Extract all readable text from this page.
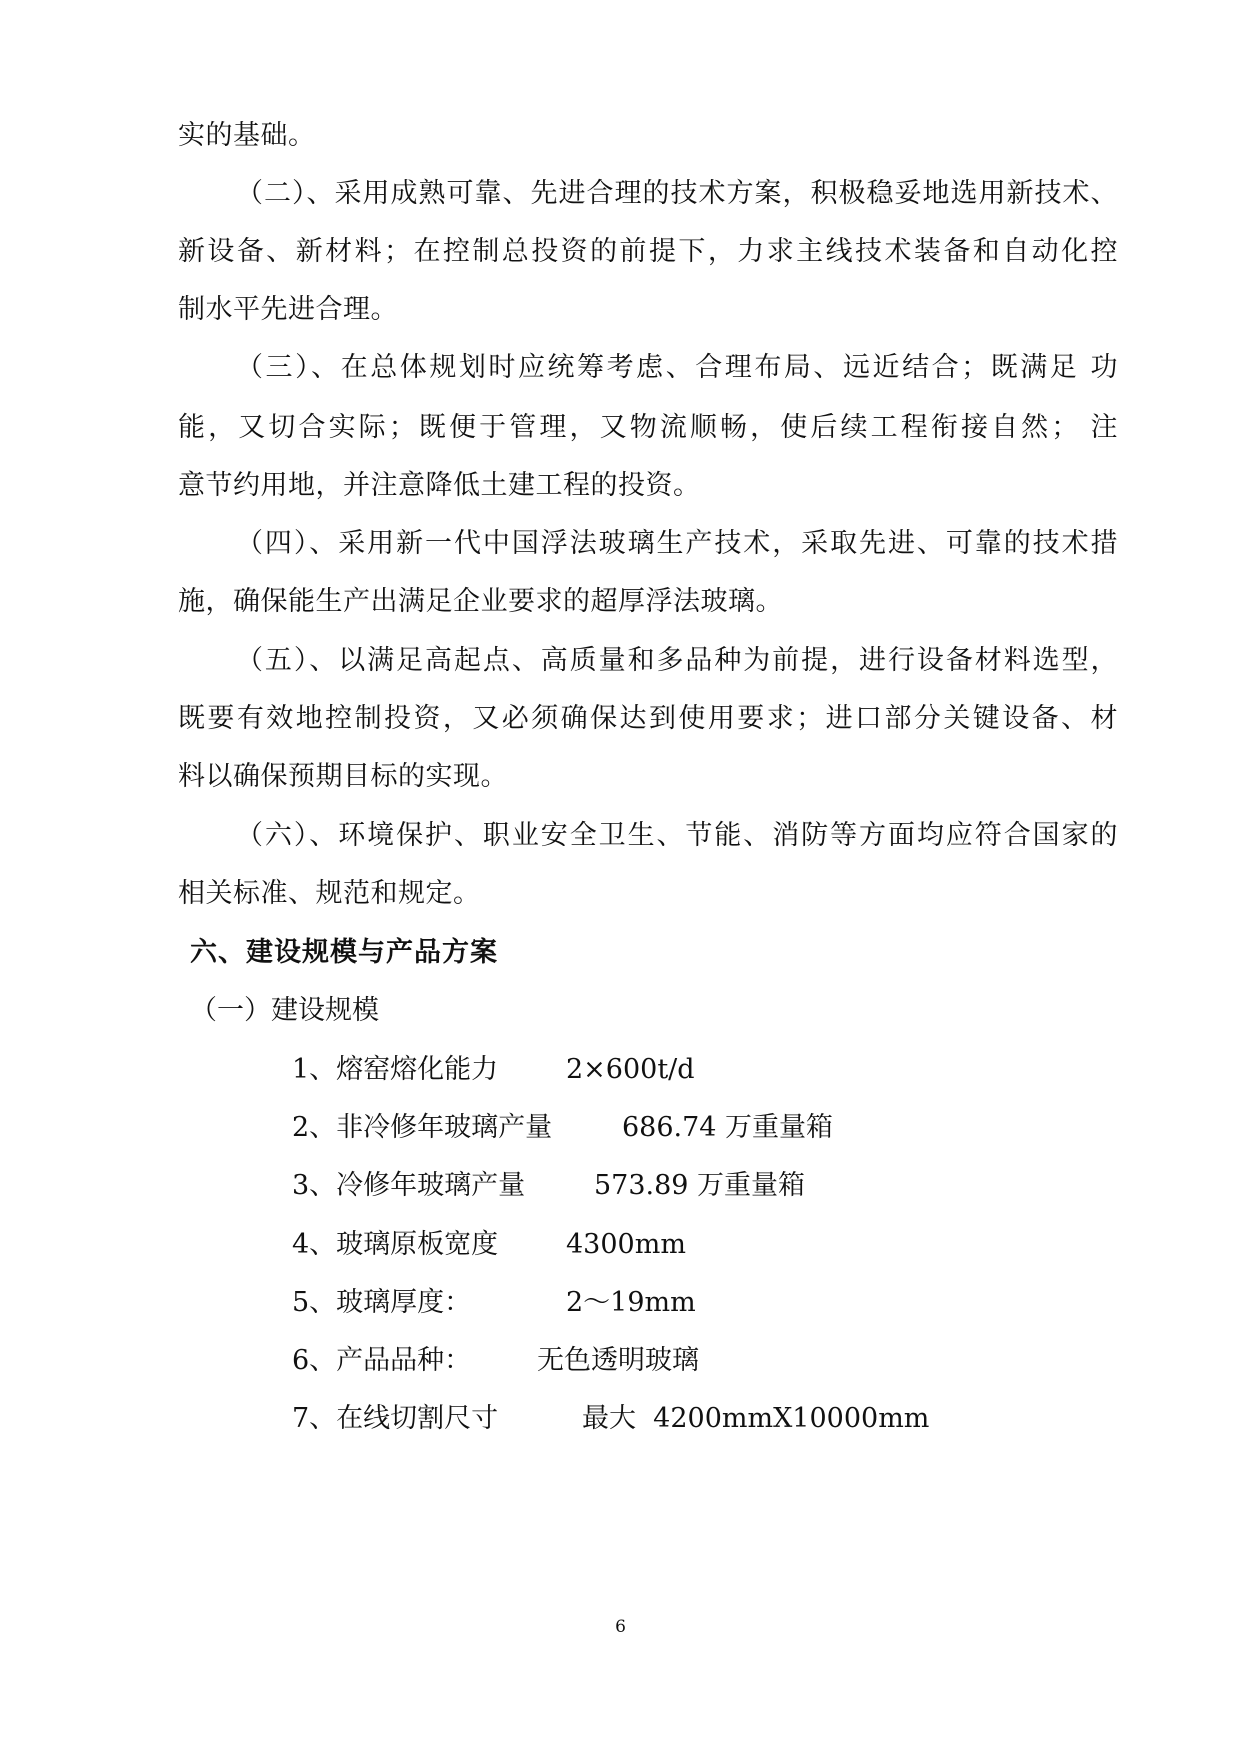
实的基础。
（二）、采用成熟可靠、先进合理的技术方案，积极稳妥地选用新技术、
新设备、新材料；在控制总投资的前提下，力求主线技术装备和自动化控
制水平先进合理。
（三）、在总体规划时应统筹考虑、合理布局、远近结合；既满足 功
能，又切合实际；既便于管理，又物流顺畅，使后续工程衔接自然； 注
意节约用地，并注意降低土建工程的投资。
（四）、采用新一代中国浮法玻璃生产技术，采取先进、可靠的技术措
施，确保能生产出满足企业要求的超厚浮法玻璃。
（五）、以满足高起点、高质量和多品种为前提，进行设备材料选型，
既要有效地控制投资，又必须确保达到使用要求；进口部分关键设备、材
料以确保预期目标的实现。
（六）、环境保护、职业安全卫生、节能、消防等方面均应符合国家的
相关标准、规范和规定。
六、建设规模与产品方案
（一）建设规模
1、熔窑熔化能力	2×600t/d
2、非冷修年玻璃产量	686.74 万重量箱
3、冷修年玻璃产量	573.89 万重量箱
4、玻璃原板宽度	4300mm
5、玻璃厚度：	2～19mm
6、产品品种： 无色透明玻璃
7、在线切割尺寸	最大  4200mmX10000mm
6
